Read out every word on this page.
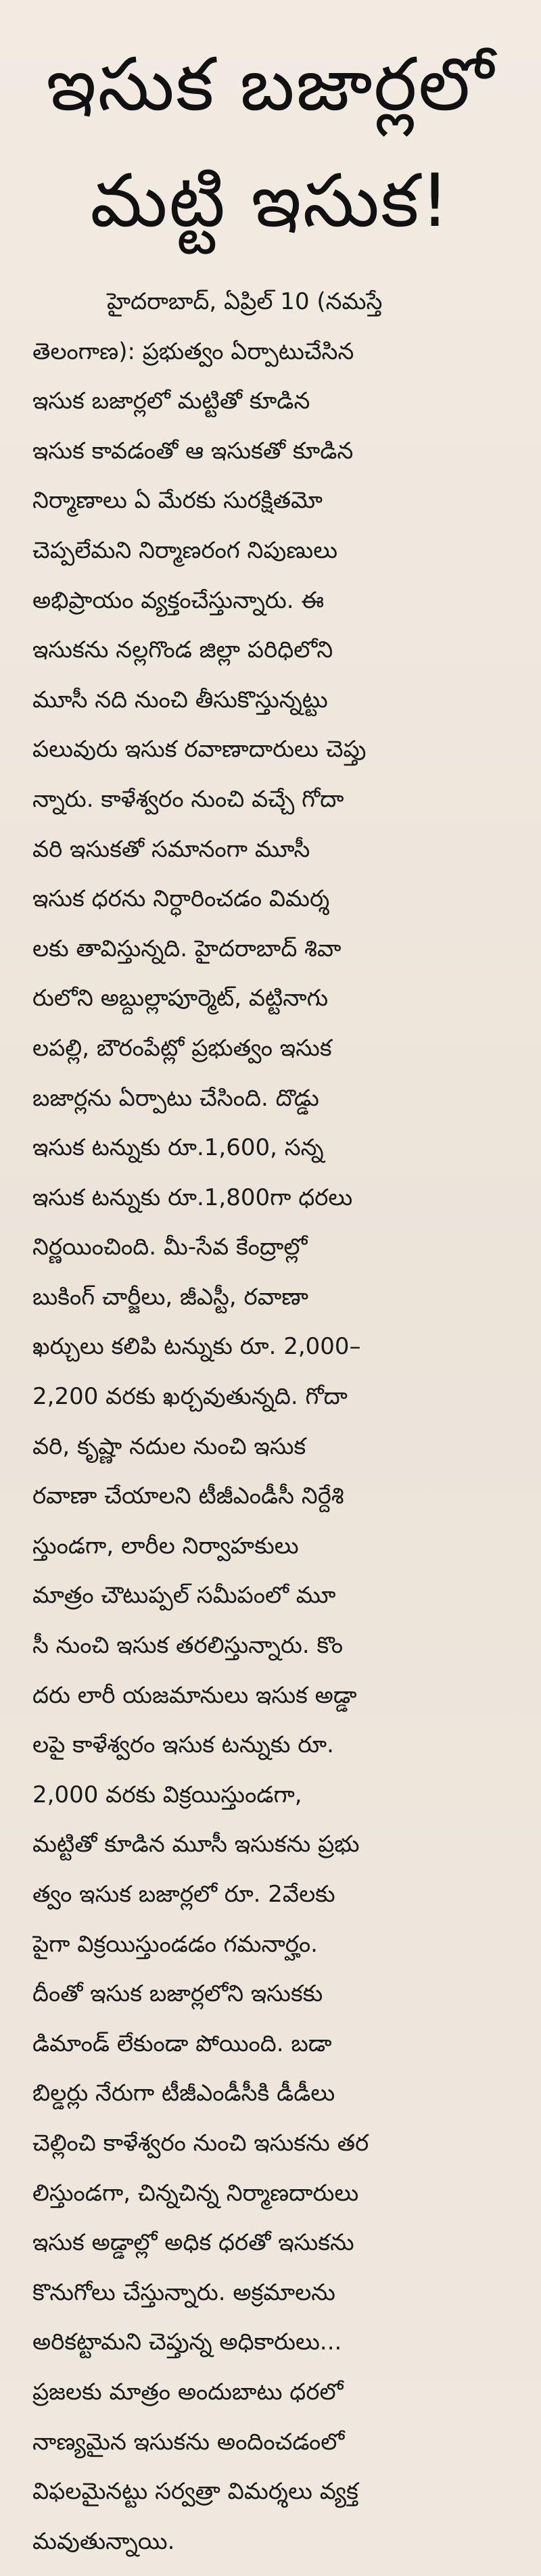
ఇసుక బజార్లలో
మట్టి ఇసుక!
హైదరాబాద్, ఏప్రిల్ 10 (నమస్తే
తెలంగాణ): ప్రభుత్వం ఏర్పాటుచేసిన
ఇసుక బజార్లలో మట్టితో కూడిన
ఇసుక కావడంతో ఆ ఇసుకతో కూడిన
నిర్మాణాలు ఏ మేరకు సురక్షితమో
చెప్పలేమని నిర్మాణరంగ నిపుణులు
అభిప్రాయం వ్యక్తంచేస్తున్నారు. ఈ
ఇసుకను నల్లగొండ జిల్లా పరిధిలోని
మూసీ నది నుంచి తీసుకొస్తున్నట్టు
పలువురు ఇసుక రవాణాదారులు చెప్తు
న్నారు. కాళేశ్వరం నుంచి వచ్చే గోదా
వరి ఇసుకతో సమానంగా మూసీ
ఇసుక ధరను నిర్ధారించడం విమర్శ
లకు తావిస్తున్నది. హైదరాబాద్ శివా
రులోని అబ్దుల్లాపూర్మెట్, వట్టినాగు
లపల్లి, బౌరంపేట్లో ప్రభుత్వం ఇసుక
బజార్లను ఏర్పాటు చేసింది. దొడ్డు
ఇసుక టన్నుకు రూ.1,600, సన్న
ఇసుక టన్నుకు రూ.1,800గా ధరలు
నిర్ణయించింది. మీ-సేవ కేంద్రాల్లో
బుకింగ్ చార్జీలు, జీఎస్టీ, రవాణా
ఖర్చులు కలిపి టన్నుకు రూ. 2,000–
2,200 వరకు ఖర్చవుతున్నది. గోదా
వరి, కృష్ణా నదుల నుంచి ఇసుక
రవాణా చేయాలని టీజీఎండీసీ నిర్దేశి
స్తుండగా, లారీల నిర్వాహకులు
మాత్రం చౌటుప్పల్ సమీపంలో మూ
సీ నుంచి ఇసుక తరలిస్తున్నారు. కొం
దరు లారీ యజమానులు ఇసుక అడ్డా
లపై కాళేశ్వరం ఇసుక టన్నుకు రూ.
2,000 వరకు విక్రయిస్తుండగా,
మట్టితో కూడిన మూసీ ఇసుకను ప్రభు
త్వం ఇసుక బజార్లలో రూ. 2వేలకు
పైగా విక్రయిస్తుండడం గమనార్హం.
దీంతో ఇసుక బజార్లలోని ఇసుకకు
డిమాండ్ లేకుండా పోయింది. బడా
బిల్డర్లు నేరుగా టీజీఎండీసీకి డీడీలు
చెల్లించి కాళేశ్వరం నుంచి ఇసుకను తర
లిస్తుండగా, చిన్నచిన్న నిర్మాణదారులు
ఇసుక అడ్డాల్లో అధిక ధరతో ఇసుకను
కొనుగోలు చేస్తున్నారు. అక్రమాలను
అరికట్టామని చెప్తున్న అధికారులు...
ప్రజలకు మాత్రం అందుబాటు ధరలో
నాణ్యమైన ఇసుకను అందించడంలో
విఫలమైనట్టు సర్వత్రా విమర్శలు వ్యక్త
మవుతున్నాయి.
